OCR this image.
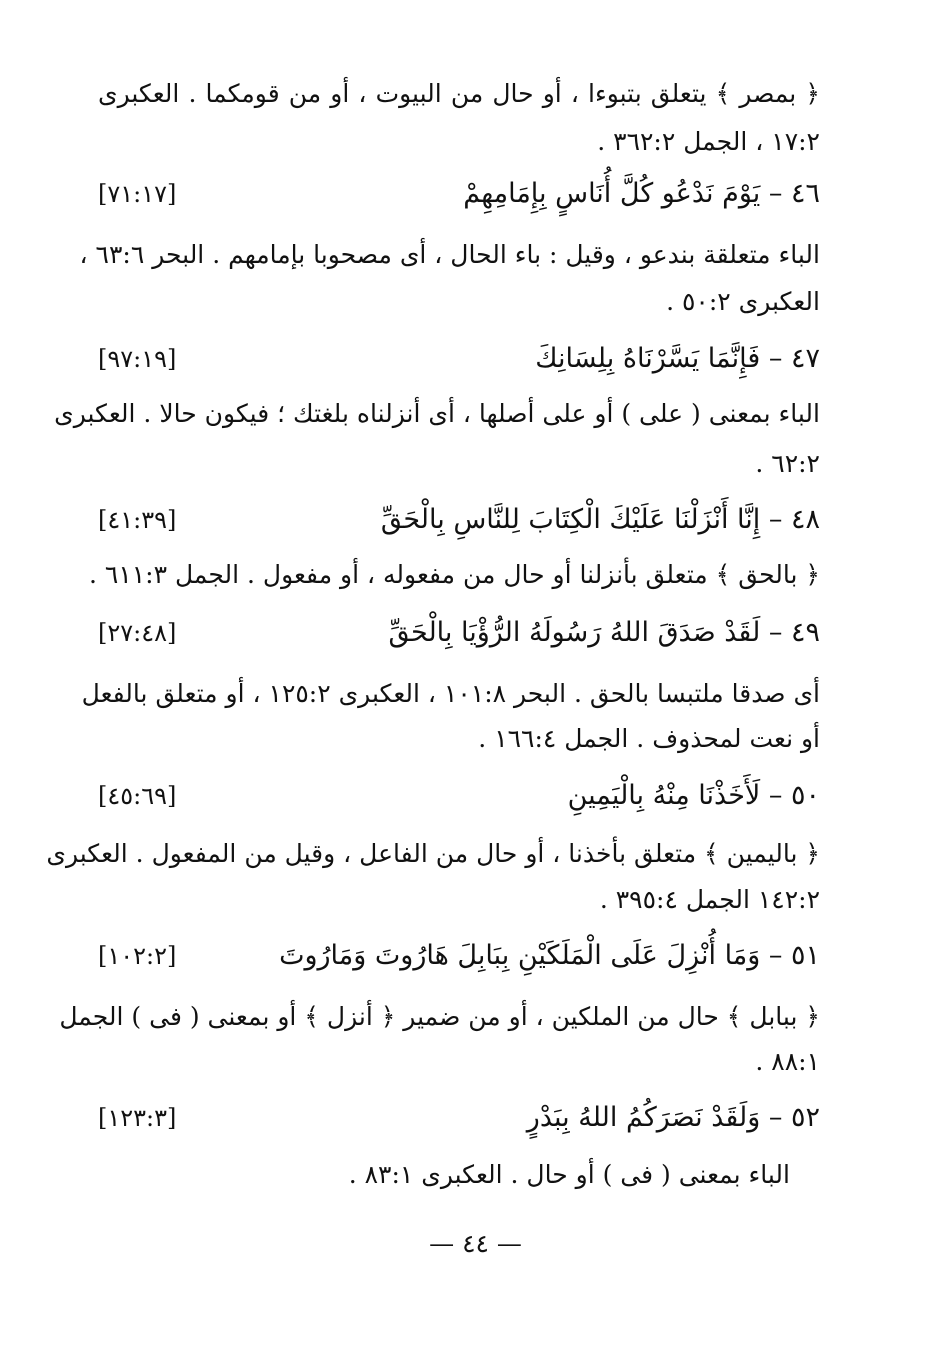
﴿ بمصر ﴾ يتعلق بتبوءا ، أو حال من البيوت ، أو من قومكما . العكبرى
١٧:٢ ، الجمل ٣٦٢:٢ .
٤٦ – يَوْمَ نَدْعُو كُلَّ أُنَاسٍ بِإِمَامِهِمْ
[٧١:١٧]
الباء متعلقة بندعو ، وقيل : باء الحال ، أى مصحوبا بإمامهم . البحر ٦٣:٦ ،
العكبرى ٥٠:٢ .
٤٧ – فَإِنَّمَا يَسَّرْنَاهُ بِلِسَانِكَ
[٩٧:١٩]
الباء بمعنى ( على ) أو على أصلها ، أى أنزلناه بلغتك ؛ فيكون حالا . العكبرى
٦٢:٢ .
٤٨ – إِنَّا أَنْزَلْنَا عَلَيْكَ الْكِتَابَ لِلنَّاسِ بِالْحَقِّ
[٤١:٣٩]
﴿ بالحق ﴾ متعلق بأنزلنا أو حال من مفعوله ، أو مفعول . الجمل ٦١١:٣ .
٤٩ – لَقَدْ صَدَقَ اللهُ رَسُولَهُ الرُّؤْيَا بِالْحَقِّ
[٢٧:٤٨]
أى صدقا ملتبسا بالحق . البحر ١٠١:٨ ، العكبرى ١٢٥:٢ ، أو متعلق بالفعل
أو نعت لمحذوف . الجمل ١٦٦:٤ .
٥٠ – لَأَخَذْنَا مِنْهُ بِالْيَمِينِ
[٤٥:٦٩]
﴿ باليمين ﴾ متعلق بأخذنا ، أو حال من الفاعل ، وقيل من المفعول . العكبرى
١٤٢:٢ الجمل ٣٩٥:٤ .
٥١ – وَمَا أُنْزِلَ عَلَى الْمَلَكَيْنِ بِبَابِلَ هَارُوتَ وَمَارُوتَ
[١٠٢:٢]
﴿ ببابل ﴾ حال من الملكين ، أو من ضمير ﴿ أنزل ﴾ أو بمعنى ( فى ) الجمل
٨٨:١ .
٥٢ – وَلَقَدْ نَصَرَكُمُ اللهُ بِبَدْرٍ
[١٢٣:٣]
الباء بمعنى ( فى ) أو حال . العكبرى ٨٣:١ .
— ٤٤ —
